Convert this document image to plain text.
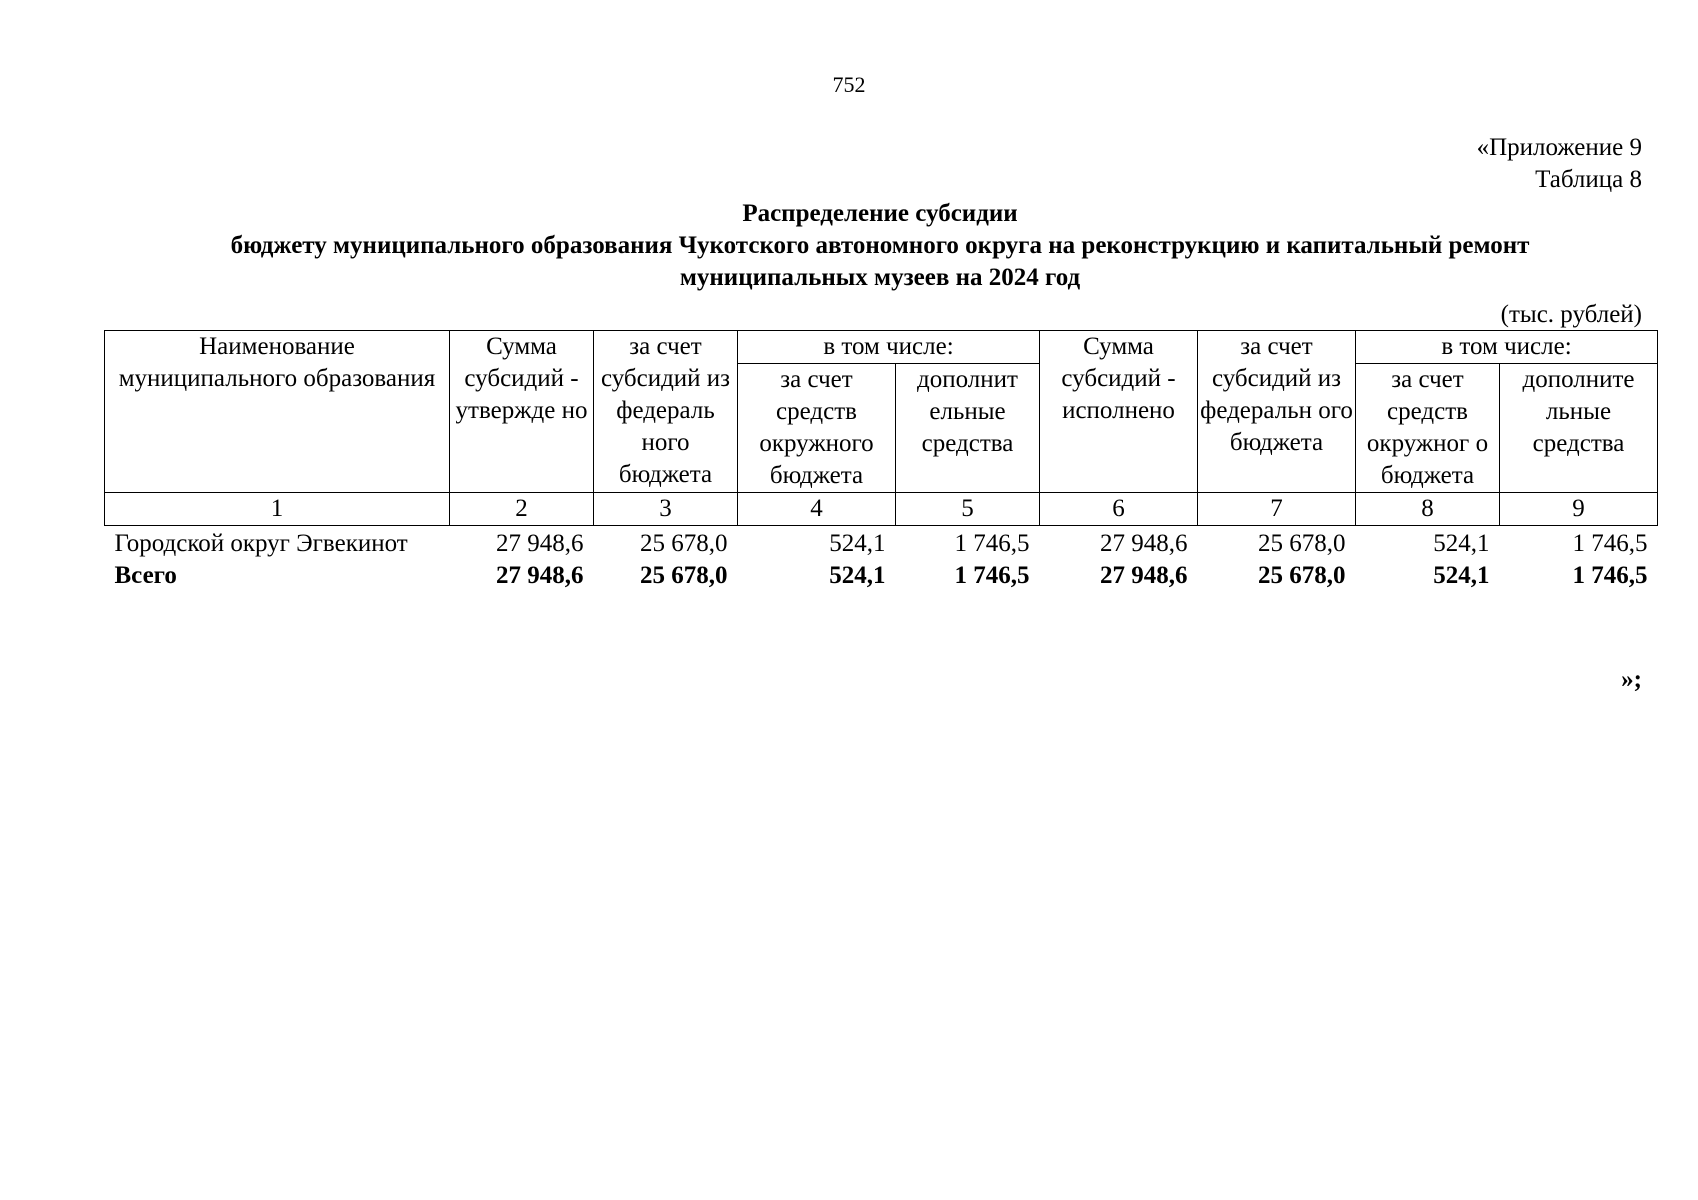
752
«Приложение 9
Таблица 8
Распределение субсидии
бюджету муниципального образования Чукотского автономного округа на реконструкцию и капитальный ремонт
муниципальных музеев на 2024 год
(тыс. рублей)
Наименование муниципального образования	Сумма субсидий - утвержде но	за счет субсидий из федераль ного бюджета	в том числе:		Сумма субсидий - исполнено	за счет субсидий из федеральн ого бюджета	в том числе:	
			за счет средств окружного бюджета	дополнит ельные средства			за счет средств окружног о бюджета	дополните льные средства
1	2	3	4	5	6	7	8	9
Городской округ Эгвекинот	27 948,6	25 678,0	524,1	1 746,5	27 948,6	25 678,0	524,1	1 746,5
Всего	27 948,6	25 678,0	524,1	1 746,5	27 948,6	25 678,0	524,1	1 746,5
»;
